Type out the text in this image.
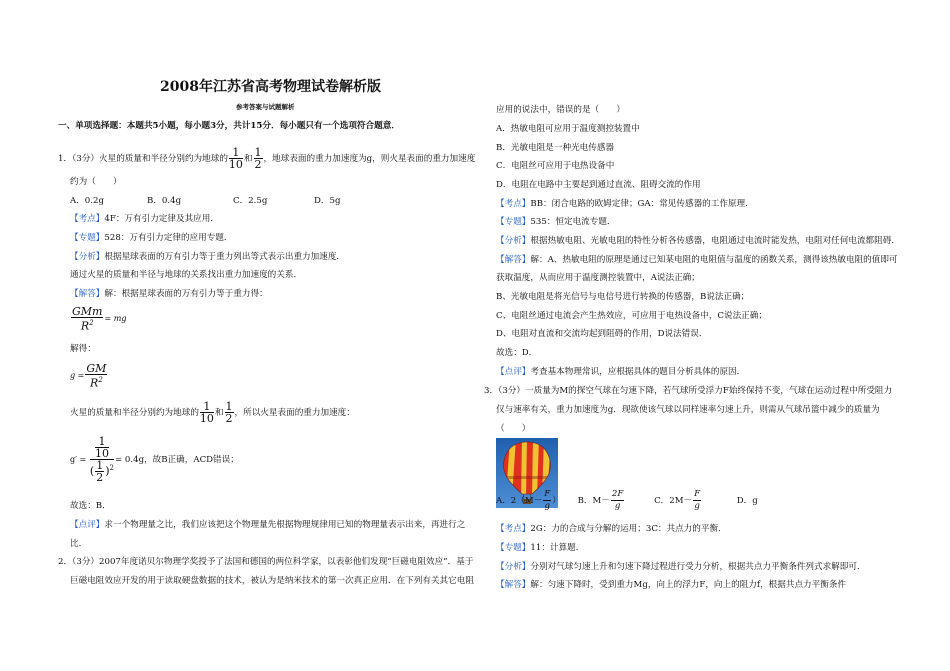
2008年江苏省高考物理试卷解析版
参考答案与试题解析
一、单项选择题：本题共5小题，每小题3分，共计15分．每小题只有一个选项符合题意．
1．（3分）火星的质量和半径分别约为地球的 $\frac{1}{10}$ 和 $\frac{1}{2}$ ，地球表面的重力加速度为g，则火星表面的重力加速度
约为（　　）
A．0.2g	B．0.4g	C．2.5g	D．5g
【考点】4F：万有引力定律及其应用．
【专题】528：万有引力定律的应用专题．
【分析】根据星球表面的万有引力等于重力列出等式表示出重力加速度．
通过火星的质量和半径与地球的关系找出重力加速度的关系．
【解答】解：根据星球表面的万有引力等于重力得：
$\frac{\text{GMm}}{R^2}$ = mg
解得：
$g = \frac{GM}{R^2}$
火星的质量和半径分别约为地球的 $\frac{1}{10}$ 和 $\frac{1}{2}$ ，所以火星表面的重力加速度：
$g' = \frac{\frac{1}{10}}{( \frac{1}{2} )^2} = 0.4g$，故B正确，ACD错误；
故选：B．
【点评】求一个物理量之比，我们应该把这个物理量先根据物理规律用已知的物理量表示出来，再进行之
比．
2．（3分）2007年度诺贝尔物理学奖授予了法国和德国的两位科学家，以表彰他们发现“巨磁电阻效应”．基于
巨磁电阻效应开发的用于读取硬盘数据的技术，被认为是纳米技术的第一次真正应用．在下列有关其它电阻
应用的说法中，错误的是（　　）
A．热敏电阻可应用于温度测控装置中
B．光敏电阻是一种光电传感器
C．电阻丝可应用于电热设备中
D．电阻在电路中主要起到通过直流、阻碍交流的作用
【考点】BB：闭合电路的欧姆定律；GA：常见传感器的工作原理．
【专题】535：恒定电流专题．
【分析】根据热敏电阻、光敏电阻的特性分析各传感器，电阻通过电流时能发热，电阻对任何电流都阻碍．
【解答】解：A、热敏电阻的原理是通过已知某电阻的电阻值与温度的函数关系，测得该热敏电阻的值即可
获取温度，从而应用于温度测控装置中，A说法正确；
B、光敏电阻是将光信号与电信号进行转换的传感器，B说法正确；
C、电阻丝通过电流会产生热效应，可应用于电热设备中，C说法正确；
D、电阻对直流和交流均起到阻碍的作用，D说法错误．
故选：D．
【点评】考查基本物理常识，应根据具体的题目分析具体的原因．
3．（3分）一质量为M的探空气球在匀速下降，若气球所受浮力F始终保持不变，气球在运动过程中所受阻力
仅与速率有关，重力加速度为g．现欲使该气球以同样速率匀速上升，则需从气球吊篮中减少的质量为
（　　）
A．$2(M- \frac{F}{g}$ ） B．$M- \frac{2F}{g}$	C．$2M- \frac{F}{g}$	D．g
【考点】2G：力的合成与分解的运用；3C：共点力的平衡．
【专题】11：计算题．
【分析】分别对气球匀速上升和匀速下降过程进行受力分析，根据共点力平衡条件列式求解即可．
【解答】解：匀速下降时，受到重力Mg，向上的浮力F，向上的阻力f，根据共点力平衡条件
